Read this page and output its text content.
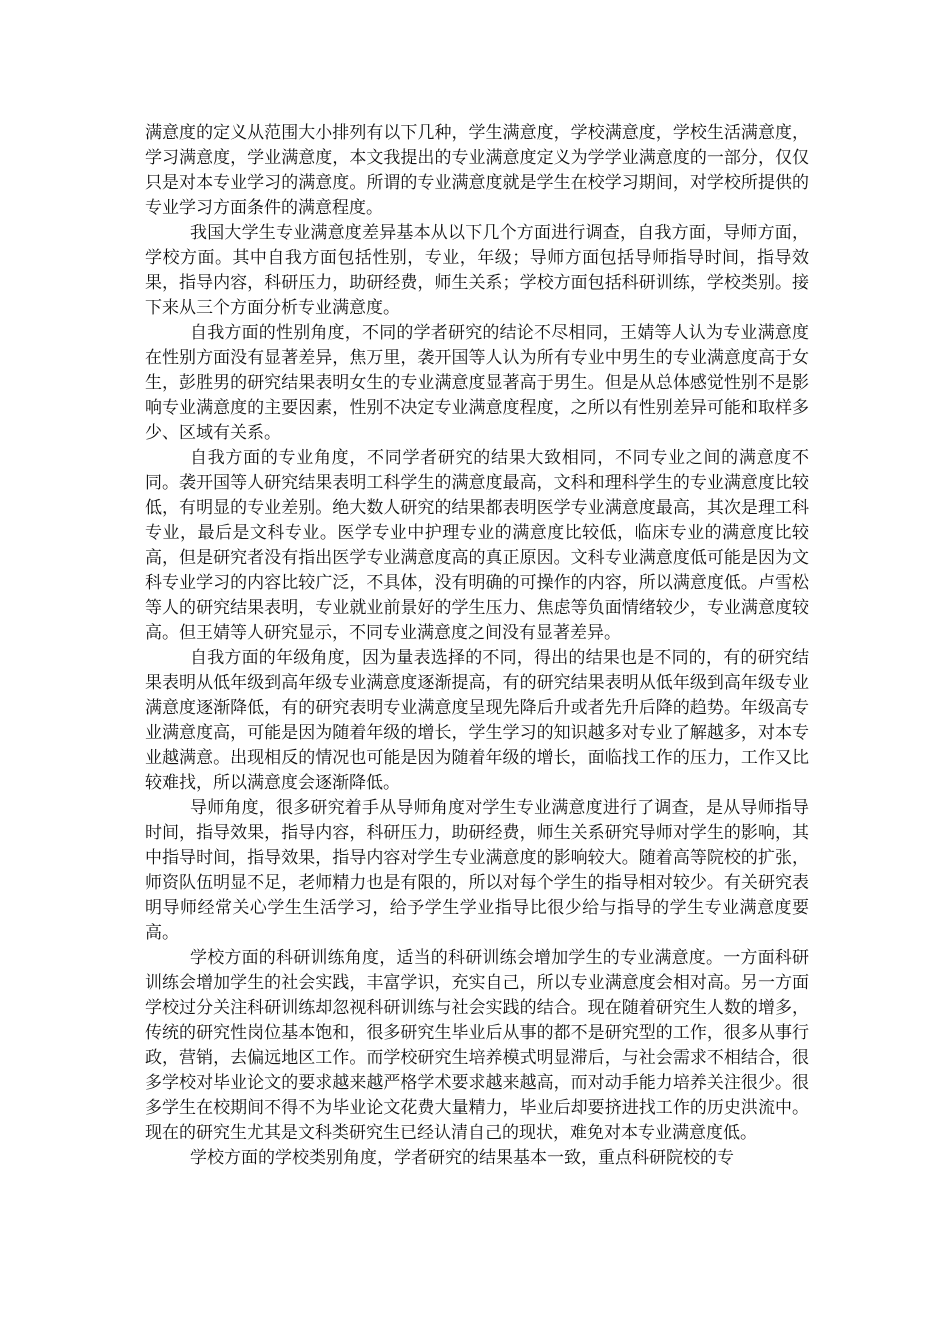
满意度的定义从范围大小排列有以下几种，学生满意度，学校满意度，学校生活满意度，学习满意度，学业满意度，本文我提出的专业满意度定义为学学业满意度的一部分，仅仅只是对本专业学习的满意度。所谓的专业满意度就是学生在校学习期间，对学校所提供的专业学习方面条件的满意程度。

我国大学生专业满意度差异基本从以下几个方面进行调查，自我方面，导师方面，学校方面。其中自我方面包括性别，专业，年级；导师方面包括导师指导时间，指导效果，指导内容，科研压力，助研经费，师生关系；学校方面包括科研训练，学校类别。接下来从三个方面分析专业满意度。

自我方面的性别角度，不同的学者研究的结论不尽相同，王婧等人认为专业满意度在性别方面没有显著差异，焦万里，袭开国等人认为所有专业中男生的专业满意度高于女生，彭胜男的研究结果表明女生的专业满意度显著高于男生。但是从总体感觉性别不是影响专业满意度的主要因素，性别不决定专业满意度程度，之所以有性别差异可能和取样多少、区域有关系。

自我方面的专业角度，不同学者研究的结果大致相同，不同专业之间的满意度不同。袭开国等人研究结果表明工科学生的满意度最高，文科和理科学生的专业满意度比较低，有明显的专业差别。绝大数人研究的结果都表明医学专业满意度最高，其次是理工科专业，最后是文科专业。医学专业中护理专业的满意度比较低，临床专业的满意度比较高，但是研究者没有指出医学专业满意度高的真正原因。文科专业满意度低可能是因为文科专业学习的内容比较广泛，不具体，没有明确的可操作的内容，所以满意度低。卢雪松等人的研究结果表明，专业就业前景好的学生压力、焦虑等负面情绪较少，专业满意度较高。但王婧等人研究显示，不同专业满意度之间没有显著差异。

自我方面的年级角度，因为量表选择的不同，得出的结果也是不同的，有的研究结果表明从低年级到高年级专业满意度逐渐提高，有的研究结果表明从低年级到高年级专业满意度逐渐降低，有的研究表明专业满意度呈现先降后升或者先升后降的趋势。年级高专业满意度高，可能是因为随着年级的增长，学生学习的知识越多对专业了解越多，对本专业越满意。出现相反的情况也可能是因为随着年级的增长，面临找工作的压力，工作又比较难找，所以满意度会逐渐降低。

导师角度，很多研究着手从导师角度对学生专业满意度进行了调查，是从导师指导时间，指导效果，指导内容，科研压力，助研经费，师生关系研究导师对学生的影响，其中指导时间，指导效果，指导内容对学生专业满意度的影响较大。随着高等院校的扩张，师资队伍明显不足，老师精力也是有限的，所以对每个学生的指导相对较少。有关研究表明导师经常关心学生生活学习，给予学生学业指导比很少给与指导的学生专业满意度要高。

学校方面的科研训练角度，适当的科研训练会增加学生的专业满意度。一方面科研训练会增加学生的社会实践，丰富学识，充实自己，所以专业满意度会相对高。另一方面学校过分关注科研训练却忽视科研训练与社会实践的结合。现在随着研究生人数的增多，传统的研究性岗位基本饱和，很多研究生毕业后从事的都不是研究型的工作，很多从事行政，营销，去偏远地区工作。而学校研究生培养模式明显滞后，与社会需求不相结合，很多学校对毕业论文的要求越来越严格学术要求越来越高，而对动手能力培养关注很少。很多学生在校期间不得不为毕业论文花费大量精力，毕业后却要挤进找工作的历史洪流中。现在的研究生尤其是文科类研究生已经认清自己的现状，难免对本专业满意度低。

学校方面的学校类别角度，学者研究的结果基本一致，重点科研院校的专
